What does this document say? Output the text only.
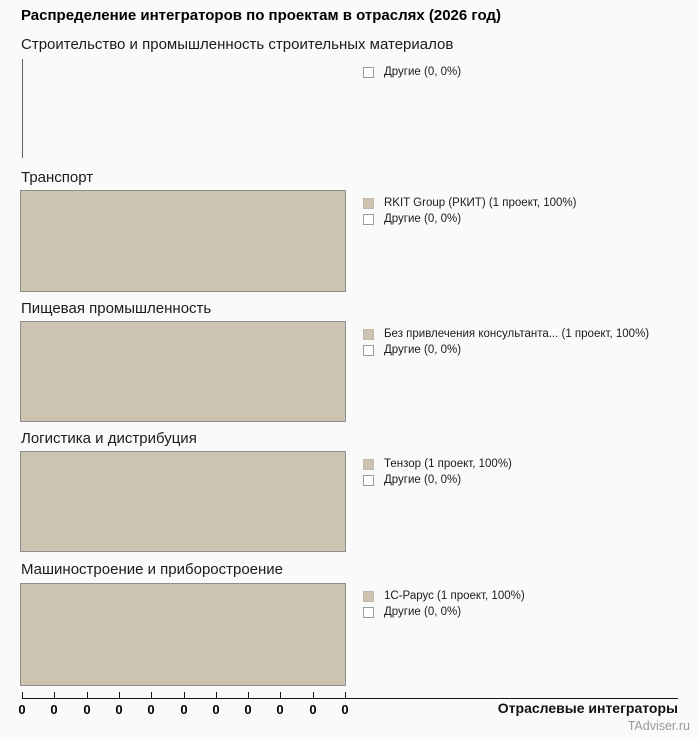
Распределение интеграторов по проектам в отраслях (2026 год)
Строительство и промышленность строительных материалов
Другие (0, 0%)
Транспорт
RKIT Group (РКИТ) (1 проект, 100%)
Другие (0, 0%)
Пищевая промышленность
Без привлечения консультанта... (1 проект, 100%)
Другие (0, 0%)
Логистика и дистрибуция
Тензор (1 проект, 100%)
Другие (0, 0%)
Машиностроение и приборостроение
1С-Рарус (1 проект, 100%)
Другие (0, 0%)
0	0	0	0	0	0	0	0	0	0	0	Отраслевые интеграторы
TAdviser.ru
